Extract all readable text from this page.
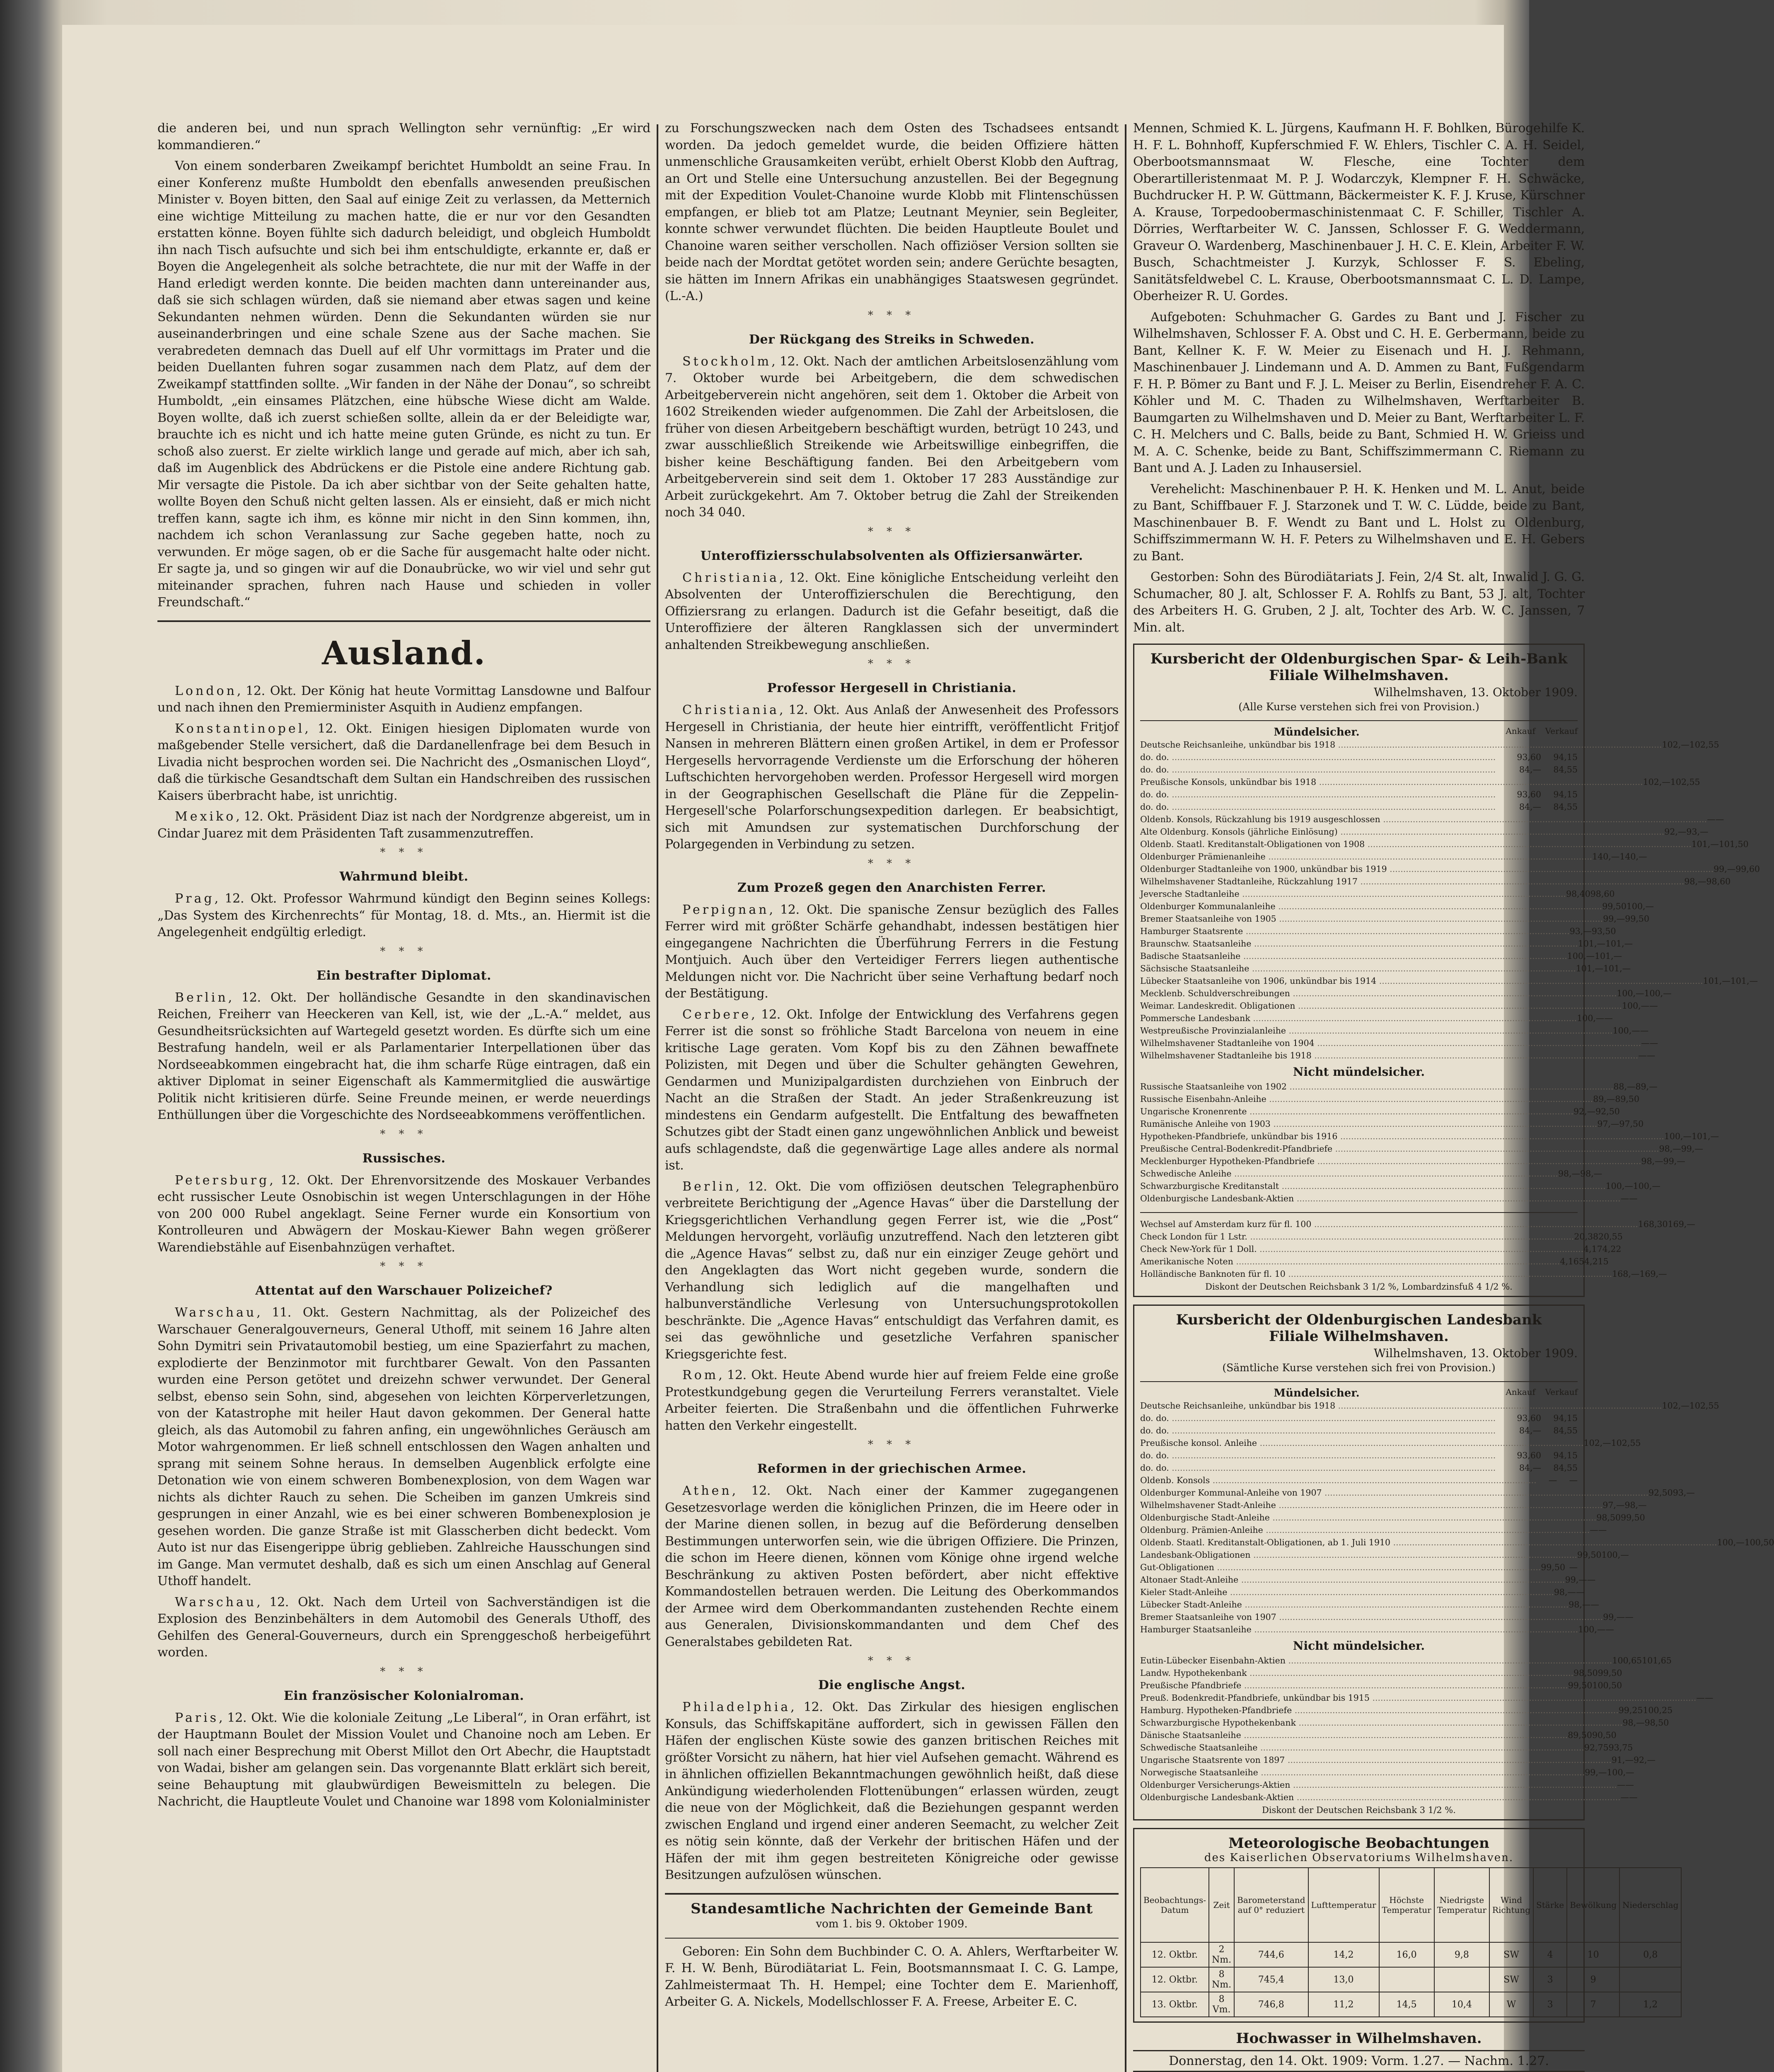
die anderen bei, und nun sprach Wellington sehr vernünftig: „Er wird kommandieren.“

Von einem sonderbaren Zweikampf berichtet Humboldt an seine Frau. In einer Konferenz mußte Humboldt den ebenfalls anwesenden preußischen Minister v. Boyen bitten, den Saal auf einige Zeit zu verlassen, da Metternich eine wichtige Mitteilung zu machen hatte, die er nur vor den Gesandten erstatten könne. Boyen fühlte sich dadurch beleidigt, und obgleich Humboldt ihn nach Tisch aufsuchte und sich bei ihm entschuldigte, erkannte er, daß er Boyen die Angelegenheit als solche betrachtete, die nur mit der Waffe in der Hand erledigt werden konnte. Die beiden machten dann untereinander aus, daß sie sich schlagen würden, daß sie niemand aber etwas sagen und keine Sekundanten nehmen würden. Denn die Sekundanten würden sie nur auseinanderbringen und eine schale Szene aus der Sache machen. Sie verabredeten demnach das Duell auf elf Uhr vormittags im Prater und die beiden Duellanten fuhren sogar zusammen nach dem Platz, auf dem der Zweikampf stattfinden sollte. „Wir fanden in der Nähe der Donau“, so schreibt Humboldt, „ein einsames Plätzchen, eine hübsche Wiese dicht am Walde. Boyen wollte, daß ich zuerst schießen sollte, allein da er der Beleidigte war, brauchte ich es nicht und ich hatte meine guten Gründe, es nicht zu tun. Er schoß also zuerst. Er zielte wirklich lange und gerade auf mich, aber ich sah, daß im Augenblick des Abdrückens er die Pistole eine andere Richtung gab. Mir versagte die Pistole. Da ich aber sichtbar von der Seite gehalten hatte, wollte Boyen den Schuß nicht gelten lassen. Als er einsieht, daß er mich nicht treffen kann, sagte ich ihm, es könne mir nicht in den Sinn kommen, ihn, nachdem ich schon Veranlassung zur Sache gegeben hatte, noch zu verwunden. Er möge sagen, ob er die Sache für ausgemacht halte oder nicht. Er sagte ja, und so gingen wir auf die Donaubrücke, wo wir viel und sehr gut miteinander sprachen, fuhren nach Hause und schieden in voller Freundschaft.“

Ausland.

London, 12. Okt. Der König hat heute Vormittag Lansdowne und Balfour und nach ihnen den Premierminister Asquith in Audienz empfangen.

Konstantinopel, 12. Okt. Einigen hiesigen Diplomaten wurde von maßgebender Stelle versichert, daß die Dardanellenfrage bei dem Besuch in Livadia nicht besprochen worden sei. Die Nachricht des „Osmanischen Lloyd“, daß die türkische Gesandtschaft dem Sultan ein Handschreiben des russischen Kaisers überbracht habe, ist unrichtig.

Mexiko, 12. Okt. Präsident Diaz ist nach der Nordgrenze abgereist, um in Cindar Juarez mit dem Präsidenten Taft zusammenzutreffen.

* * *
Wahrmund bleibt.

Prag, 12. Okt. Professor Wahrmund kündigt den Beginn seines Kollegs: „Das System des Kirchenrechts“ für Montag, 18. d. Mts., an. Hiermit ist die Angelegenheit endgültig erledigt.

* * *
Ein bestrafter Diplomat.

Berlin, 12. Okt. Der holländische Gesandte in den skandinavischen Reichen, Freiherr van Heeckeren van Kell, ist, wie der „L.-A.“ meldet, aus Gesundheitsrücksichten auf Wartegeld gesetzt worden. Es dürfte sich um eine Bestrafung handeln, weil er als Parlamentarier Interpellationen über das Nordseeabkommen eingebracht hat, die ihm scharfe Rüge eintragen, daß ein aktiver Diplomat in seiner Eigenschaft als Kammermitglied die auswärtige Politik nicht kritisieren dürfe. Seine Freunde meinen, er werde neuerdings Enthüllungen über die Vorgeschichte des Nordseeabkommens veröffentlichen.

* * *
Russisches.

Petersburg, 12. Okt. Der Ehrenvorsitzende des Moskauer Verbandes echt russischer Leute Osnobischin ist wegen Unterschlagungen in der Höhe von 200 000 Rubel angeklagt. Seine Ferner wurde ein Konsortium von Kontrolleuren und Abwägern der Moskau-Kiewer Bahn wegen größerer Warendiebstähle auf Eisenbahnzügen verhaftet.

* * *
Attentat auf den Warschauer Polizeichef?

Warschau, 11. Okt. Gestern Nachmittag, als der Polizeichef des Warschauer Generalgouverneurs, General Uthoff, mit seinem 16 Jahre alten Sohn Dymitri sein Privatautomobil bestieg, um eine Spazierfahrt zu machen, explodierte der Benzinmotor mit furchtbarer Gewalt. Von den Passanten wurden eine Person getötet und dreizehn schwer verwundet. Der General selbst, ebenso sein Sohn, sind, abgesehen von leichten Körperverletzungen, von der Katastrophe mit heiler Haut davon gekommen. Der General hatte gleich, als das Automobil zu fahren anfing, ein ungewöhnliches Geräusch am Motor wahrgenommen. Er ließ schnell entschlossen den Wagen anhalten und sprang mit seinem Sohne heraus. In demselben Augenblick erfolgte eine Detonation wie von einem schweren Bombenexplosion, von dem Wagen war nichts als dichter Rauch zu sehen. Die Scheiben im ganzen Umkreis sind gesprungen in einer Anzahl, wie es bei einer schweren Bombenexplosion je gesehen worden. Die ganze Straße ist mit Glasscherben dicht bedeckt. Vom Auto ist nur das Eisengerippe übrig geblieben. Zahlreiche Hausschungen sind im Gange. Man vermutet deshalb, daß es sich um einen Anschlag auf General Uthoff handelt.

Warschau, 12. Okt. Nach dem Urteil von Sachverständigen ist die Explosion des Benzinbehälters in dem Automobil des Generals Uthoff, des Gehilfen des General-Gouverneurs, durch ein Sprenggeschoß herbeigeführt worden.

* * *
Ein französischer Kolonialroman.

Paris, 12. Okt. Wie die koloniale Zeitung „Le Liberal“, in Oran erfährt, ist der Hauptmann Boulet der Mission Voulet und Chanoine noch am Leben. Er soll nach einer Besprechung mit Oberst Millot den Ort Abechr, die Hauptstadt von Wadai, bisher am gelangen sein. Das vorgenannte Blatt erklärt sich bereit, seine Behauptung mit glaubwürdigen Beweismitteln zu belegen. Die Nachricht, die Hauptleute Voulet und Chanoine war 1898 vom Kolonialminister

zu Forschungszwecken nach dem Osten des Tschadsees entsandt worden. Da jedoch gemeldet wurde, die beiden Offiziere hätten unmenschliche Grausamkeiten verübt, erhielt Oberst Klobb den Auftrag, an Ort und Stelle eine Untersuchung anzustellen. Bei der Begegnung mit der Expedition Voulet-Chanoine wurde Klobb mit Flintenschüssen empfangen, er blieb tot am Platze; Leutnant Meynier, sein Begleiter, konnte schwer verwundet flüchten. Die beiden Hauptleute Boulet und Chanoine waren seither verschollen. Nach offiziöser Version sollten sie beide nach der Mordtat getötet worden sein; andere Gerüchte besagten, sie hätten im Innern Afrikas ein unabhängiges Staatswesen gegründet. (L.-A.)

* * *
Der Rückgang des Streiks in Schweden.

Stockholm, 12. Okt. Nach der amtlichen Arbeitslosenzählung vom 7. Oktober wurde bei Arbeitgebern, die dem schwedischen Arbeitgeberverein nicht angehören, seit dem 1. Oktober die Arbeit von 1602 Streikenden wieder aufgenommen. Die Zahl der Arbeitslosen, die früher von diesen Arbeitgebern beschäftigt wurden, betrügt 10 243, und zwar ausschließlich Streikende wie Arbeitswillige einbegriffen, die bisher keine Beschäftigung fanden. Bei den Arbeitgebern vom Arbeitgeberverein sind seit dem 1. Oktober 17 283 Ausständige zur Arbeit zurückgekehrt. Am 7. Oktober betrug die Zahl der Streikenden noch 34 040.

* * *
Unteroffiziersschulabsolventen als Offiziersanwärter.

Christiania, 12. Okt. Eine königliche Entscheidung verleiht den Absolventen der Unteroffizierschulen die Berechtigung, den Offiziersrang zu erlangen. Dadurch ist die Gefahr beseitigt, daß die Unteroffiziere der älteren Rangklassen sich der unvermindert anhaltenden Streikbewegung anschließen.

* * *
Professor Hergesell in Christiania.

Christiania, 12. Okt. Aus Anlaß der Anwesenheit des Professors Hergesell in Christiania, der heute hier eintrifft, veröffentlicht Fritjof Nansen in mehreren Blättern einen großen Artikel, in dem er Professor Hergesells hervorragende Verdienste um die Erforschung der höheren Luftschichten hervorgehoben werden. Professor Hergesell wird morgen in der Geographischen Gesellschaft die Pläne für die Zeppelin-Hergesell'sche Polarforschungsexpedition darlegen. Er beabsichtigt, sich mit Amundsen zur systematischen Durchforschung der Polargegenden in Verbindung zu setzen.

* * *
Zum Prozeß gegen den Anarchisten Ferrer.

Perpignan, 12. Okt. Die spanische Zensur bezüglich des Falles Ferrer wird mit größter Schärfe gehandhabt, indessen bestätigen hier eingegangene Nachrichten die Überführung Ferrers in die Festung Montjuich. Auch über den Verteidiger Ferrers liegen authentische Meldungen nicht vor. Die Nachricht über seine Verhaftung bedarf noch der Bestätigung.

Cerbere, 12. Okt. Infolge der Entwicklung des Verfahrens gegen Ferrer ist die sonst so fröhliche Stadt Barcelona von neuem in eine kritische Lage geraten. Vom Kopf bis zu den Zähnen bewaffnete Polizisten, mit Degen und über die Schulter gehängten Gewehren, Gendarmen und Munizipalgardisten durchziehen von Einbruch der Nacht an die Straßen der Stadt. An jeder Straßenkreuzung ist mindestens ein Gendarm aufgestellt. Die Entfaltung des bewaffneten Schutzes gibt der Stadt einen ganz ungewöhnlichen Anblick und beweist aufs schlagendste, daß die gegenwärtige Lage alles andere als normal ist.

Berlin, 12. Okt. Die vom offiziösen deutschen Telegraphenbüro verbreitete Berichtigung der „Agence Havas“ über die Darstellung der Kriegsgerichtlichen Verhandlung gegen Ferrer ist, wie die „Post“ Meldungen hervorgeht, vorläufig unzutreffend. Nach den letzteren gibt die „Agence Havas“ selbst zu, daß nur ein einziger Zeuge gehört und den Angeklagten das Wort nicht gegeben wurde, sondern die Verhandlung sich lediglich auf die mangelhaften und halbunverständliche Verlesung von Untersuchungsprotokollen beschränkte. Die „Agence Havas“ entschuldigt das Verfahren damit, es sei das gewöhnliche und gesetzliche Verfahren spanischer Kriegsgerichte fest.

Rom, 12. Okt. Heute Abend wurde hier auf freiem Felde eine große Protestkundgebung gegen die Verurteilung Ferrers veranstaltet. Viele Arbeiter feierten. Die Straßenbahn und die öffentlichen Fuhrwerke hatten den Verkehr eingestellt.

* * *
Reformen in der griechischen Armee.

Athen, 12. Okt. Nach einer der Kammer zugegangenen Gesetzesvorlage werden die königlichen Prinzen, die im Heere oder in der Marine dienen sollen, in bezug auf die Beförderung denselben Bestimmungen unterworfen sein, wie die übrigen Offiziere. Die Prinzen, die schon im Heere dienen, können vom Könige ohne irgend welche Beschränkung zu aktiven Posten befördert, aber nicht effektive Kommandostellen betrauen werden. Die Leitung des Oberkommandos der Armee wird dem Oberkommandanten zustehenden Rechte einem aus Generalen, Divisionskommandanten und dem Chef des Generalstabes gebildeten Rat.

* * *
Die englische Angst.

Philadelphia, 12. Okt. Das Zirkular des hiesigen englischen Konsuls, das Schiffskapitäne auffordert, sich in gewissen Fällen den Häfen der englischen Küste sowie des ganzen britischen Reiches mit größter Vorsicht zu nähern, hat hier viel Aufsehen gemacht. Während es in ähnlichen offiziellen Bekanntmachungen gewöhnlich heißt, daß diese Ankündigung wiederholenden Flottenübungen“ erlassen würden, zeugt die neue von der Möglichkeit, daß die Beziehungen gespannt werden zwischen England und irgend einer anderen Seemacht, zu welcher Zeit es nötig sein könnte, daß der Verkehr der britischen Häfen und der Häfen der mit ihm gegen bestreiteten Königreiche oder gewisse Besitzungen aufzulösen wünschen.

Standesamtliche Nachrichten der Gemeinde Bant
vom 1. bis 9. Oktober 1909.

Geboren: Ein Sohn dem Buchbinder C. O. A. Ahlers, Werftarbeiter W. F. H. W. Benh, Bürodiätariat L. Fein, Bootsmannsmaat I. C. G. Lampe, Zahlmeistermaat Th. H. Hempel; eine Tochter dem E. Marienhoff, Arbeiter G. A. Nickels, Modellschlosser F. A. Freese, Arbeiter E. C.

Mennen, Schmied K. L. Jürgens, Kaufmann H. F. Bohlken, Bürogehilfe K. H. F. L. Bohnhoff, Kupferschmied F. W. Ehlers, Tischler C. A. H. Seidel, Oberbootsmannsmaat W. Flesche, eine Tochter dem Oberartilleristenmaat M. P. J. Wodarczyk, Klempner F. H. Schwäcke, Buchdrucker H. P. W. Güttmann, Bäckermeister K. F. J. Kruse, Kürschner A. Krause, Torpedoobermaschinistenmaat C. F. Schiller, Tischler A. Dörries, Werftarbeiter W. C. Janssen, Schlosser F. G. Weddermann, Graveur O. Wardenberg, Maschinenbauer J. H. C. E. Klein, Arbeiter F. W. Busch, Schachtmeister J. Kurzyk, Schlosser F. S. Ebeling, Sanitätsfeldwebel C. L. Krause, Oberbootsmannsmaat C. L. D. Lampe, Oberheizer R. U. Gordes.

Aufgeboten: Schuhmacher G. Gardes zu Bant und J. Fischer zu Wilhelmshaven, Schlosser F. A. Obst und C. H. E. Gerbermann, beide zu Bant, Kellner K. F. W. Meier zu Eisenach und H. J. Rehmann, Maschinenbauer J. Lindemann und A. D. Ammen zu Bant, Fußgendarm F. H. P. Bömer zu Bant und F. J. L. Meiser zu Berlin, Eisendreher F. A. C. Köhler und M. C. Thaden zu Wilhelmshaven, Werftarbeiter B. Baumgarten zu Wilhelmshaven und D. Meier zu Bant, Werftarbeiter L. F. C. H. Melchers und C. Balls, beide zu Bant, Schmied H. W. Grieiss und M. A. C. Schenke, beide zu Bant, Schiffszimmermann C. Riemann zu Bant und A. J. Laden zu Inhausersiel.

Verehelicht: Maschinenbauer P. H. K. Henken und M. L. Anut, beide zu Bant, Schiffbauer F. J. Starzonek und T. W. C. Lüdde, beide zu Bant, Maschinenbauer B. F. Wendt zu Bant und L. Holst zu Oldenburg, Schiffszimmermann W. H. F. Peters zu Wilhelmshaven und E. H. Gebers zu Bant.

Gestorben: Sohn des Bürodiätariats J. Fein, 2/4 St. alt, Inwalid J. G. G. Schumacher, 80 J. alt, Schlosser F. A. Rohlfs zu Bant, 53 J. alt, Tochter des Arbeiters H. G. Gruben, 2 J. alt, Tochter des Arb. W. C. Janssen, 7 Min. alt.

Kursbericht der Oldenburgischen Spar- & Leih-Bank
Filiale Wilhelmshaven.
Wilhelmshaven, 13. Oktober 1909.
(Alle Kurse verstehen sich frei von Provision.)
Mündelsicher.	Ankauf	Verkauf
Deutsche Reichsanleihe, unkündbar bis 1918 .....	102,— 102,55
do. do. .....	93,60	94,15
do. do. .....	84,—	84,55
Preußische Konsols, unkündbar bis 1918 .....	102,— 102,55
do. do. .....	93,60	94,15
do. do. .....	84,—	84,55
Oldenb. Konsols, Rückzahlung bis 1919 ausgeschlossen .....	— —
Alte Oldenburg. Konsols (jährliche Einlösung) .....	92,— 93,—
Oldenb. Staatl. Kreditanstalt-Obligationen von 1908 .....	101,— 101,50
Oldenburger Prämienanleihe .....	140,— 140,—
Oldenburger Stadtanleihe von 1900, unkündbar bis 1919 .....	99,— 99,60
Wilhelmshavener Stadtanleihe, Rückzahlung 1917 .....	98,— 98,60
Jeversche Stadtanleihe .....	98,40 98,60
Oldenburger Kommunalanleihe .....	99,50 100,—
Bremer Staatsanleihe von 1905 .....	99,— 99,50
Hamburger Staatsrente .....	93,— 93,50
Braunschw. Staatsanleihe .....	101,— 101,—
Badische Staatsanleihe .....	100,— 101,—
Sächsische Staatsanleihe .....	101,— 101,—
Lübecker Staatsanleihe von 1906, unkündbar bis 1914 .....	101,— 101,—
Mecklenb. Schuldverschreibungen .....	100,— 100,—
Weimar. Landeskredit. Obligationen .....	100,— —
Pommersche Landesbank .....	100,— —
Westpreußische Provinzialanleihe .....	100,— —
Wilhelmshavener Stadtanleihe von 1904 .....	— —
Wilhelmshavener Stadtanleihe bis 1918 .....	— —
Nicht mündelsicher.
Russische Staatsanleihe von 1902 .....	88,— 89,—
Russische Eisenbahn-Anleihe .....	89,— 89,50
Ungarische Kronenrente .....	92,— 92,50
Rumänische Anleihe von 1903 .....	97,— 97,50
Hypotheken-Pfandbriefe, unkündbar bis 1916 .....	100,— 101,—
Preußische Central-Bodenkredit-Pfandbriefe .....	98,— 99,—
Mecklenburger Hypotheken-Pfandbriefe .....	98,— 99,—
Schwedische Anleihe .....	98,— 98,—
Schwarzburgische Kreditanstalt .....	100,— 100,—
Oldenburgische Landesbank-Aktien .....	— —
Wechsel auf Amsterdam kurz für fl. 100 .....	168,30 169,—
Check London für 1 Lstr. .....	20,38 20,55
Check New-York für 1 Doll. .....	4,17 4,22
Amerikanische Noten .....	4,165 4,215
Holländische Banknoten für fl. 10 .....	168,— 169,—
Diskont der Deutschen Reichsbank 3 1/2 %, Lombardzinsfuß 4 1/2 %.
Kursbericht der Oldenburgischen Landesbank
Filiale Wilhelmshaven.
Wilhelmshaven, 13. Oktober 1909.
(Sämtliche Kurse verstehen sich frei von Provision.)
Mündelsicher.	Ankauf	Verkauf
Deutsche Reichsanleihe, unkündbar bis 1918 .....	102,— 102,55
do. do. .....	93,60	94,15
do. do. .....	84,—	84,55
Preußische konsol. Anleihe .....	102,— 102,55
do. do. .....	93,60	94,15
do. do. .....	84,—	84,55
Oldenb. Konsols .....	—	—
Oldenburger Kommunal-Anleihe von 1907 .....	92,50 93,—
Wilhelmshavener Stadt-Anleihe .....	97,— 98,—
Oldenburgische Stadt-Anleihe .....	98,50 99,50
Oldenburg. Prämien-Anleihe .....	— —
Oldenb. Staatl. Kreditanstalt-Obligationen, ab 1. Juli 1910 .....	100,— 100,50
Landesbank-Obligationen .....	99,50 100,—
Gut-Obligationen .....	99,50 —
Altonaer Stadt-Anleihe .....	99,— —
Kieler Stadt-Anleihe .....	98,— —
Lübecker Stadt-Anleihe .....	98,— —
Bremer Staatsanleihe von 1907 .....	99,— —
Hamburger Staatsanleihe .....	100,— —
Nicht mündelsicher.
Eutin-Lübecker Eisenbahn-Aktien .....	100,65 101,65
Landw. Hypothekenbank .....	98,50 99,50
Preußische Pfandbriefe .....	99,50 100,50
Preuß. Bodenkredit-Pfandbriefe, unkündbar bis 1915 .....	— —
Hamburg. Hypotheken-Pfandbriefe .....	99,25 100,25
Schwarzburgische Hypothekenbank .....	98,— 98,50
Dänische Staatsanleihe .....	89,50 90,50
Schwedische Staatsanleihe .....	92,75 93,75
Ungarische Staatsrente von 1897 .....	91,— 92,—
Norwegische Staatsanleihe .....	99,— 100,—
Oldenburger Versicherungs-Aktien .....	— —
Oldenburgische Landesbank-Aktien .....	— —
Diskont der Deutschen Reichsbank 3 1/2 %.
Meteorologische Beobachtungen
des Kaiserlichen Observatoriums Wilhelmshaven.
Beobachtungs-Datum	Zeit	Barometerstand auf 0° reduziert	Lufttemperatur	Höchste Temperatur	Niedrigste Temperatur	Wind Richtung	Stärke	Bewölkung	Niederschlag
12. Oktbr.	2 Nm.	744,6	14,2	16,0	9,8	SW	4	10	0,8
12. Oktbr.	8 Nm.	745,4	13,0			SW	3	9	
13. Oktbr.	8 Vm.	746,8	11,2	14,5	10,4	W	3	7	1,2
Hochwasser in Wilhelmshaven.
Donnerstag, den 14. Okt. 1909: Vorm. 1.27. — Nachm. 1.27.
